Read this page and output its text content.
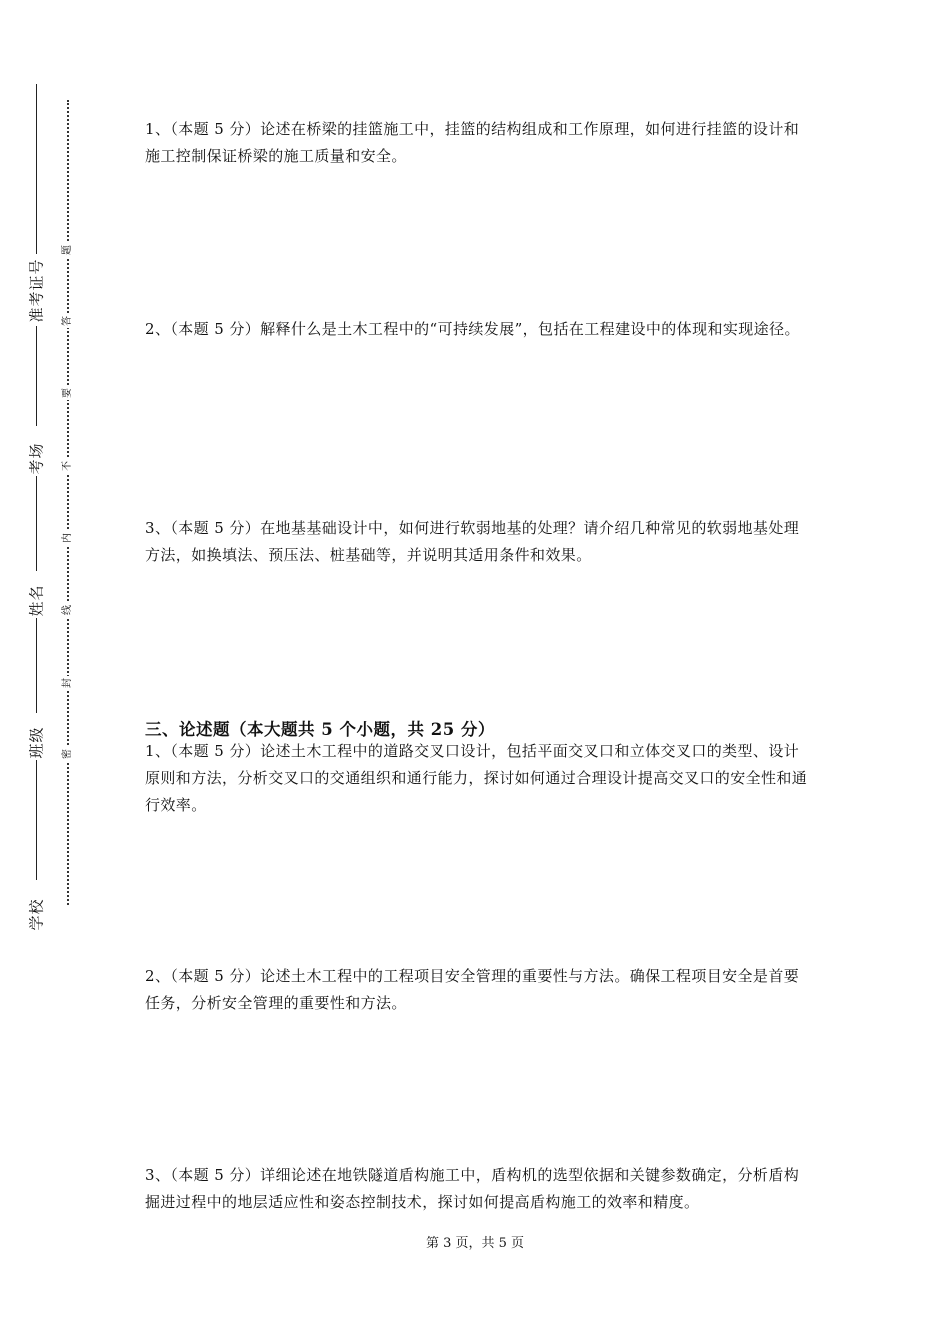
准考证号
考场
姓名
班级
学校
题
答
要
不
内
线
封
密

1、（本题 5 分）论述在桥梁的挂篮施工中，挂篮的结构组成和工作原理，如何进行挂篮的设计和施工控制保证桥梁的施工质量和安全。

2、（本题 5 分）解释什么是土木工程中的“可持续发展”，包括在工程建设中的体现和实现途径。

3、（本题 5 分）在地基基础设计中，如何进行软弱地基的处理？请介绍几种常见的软弱地基处理方法，如换填法、预压法、桩基础等，并说明其适用条件和效果。

三、论述题（本大题共 5 个小题，共 25 分）

1、（本题 5 分）论述土木工程中的道路交叉口设计，包括平面交叉口和立体交叉口的类型、设计原则和方法，分析交叉口的交通组织和通行能力，探讨如何通过合理设计提高交叉口的安全性和通行效率。

2、（本题 5 分）论述土木工程中的工程项目安全管理的重要性与方法。确保工程项目安全是首要任务，分析安全管理的重要性和方法。

3、（本题 5 分）详细论述在地铁隧道盾构施工中，盾构机的选型依据和关键参数确定，分析盾构掘进过程中的地层适应性和姿态控制技术，探讨如何提高盾构施工的效率和精度。

第 3 页，共 5 页
